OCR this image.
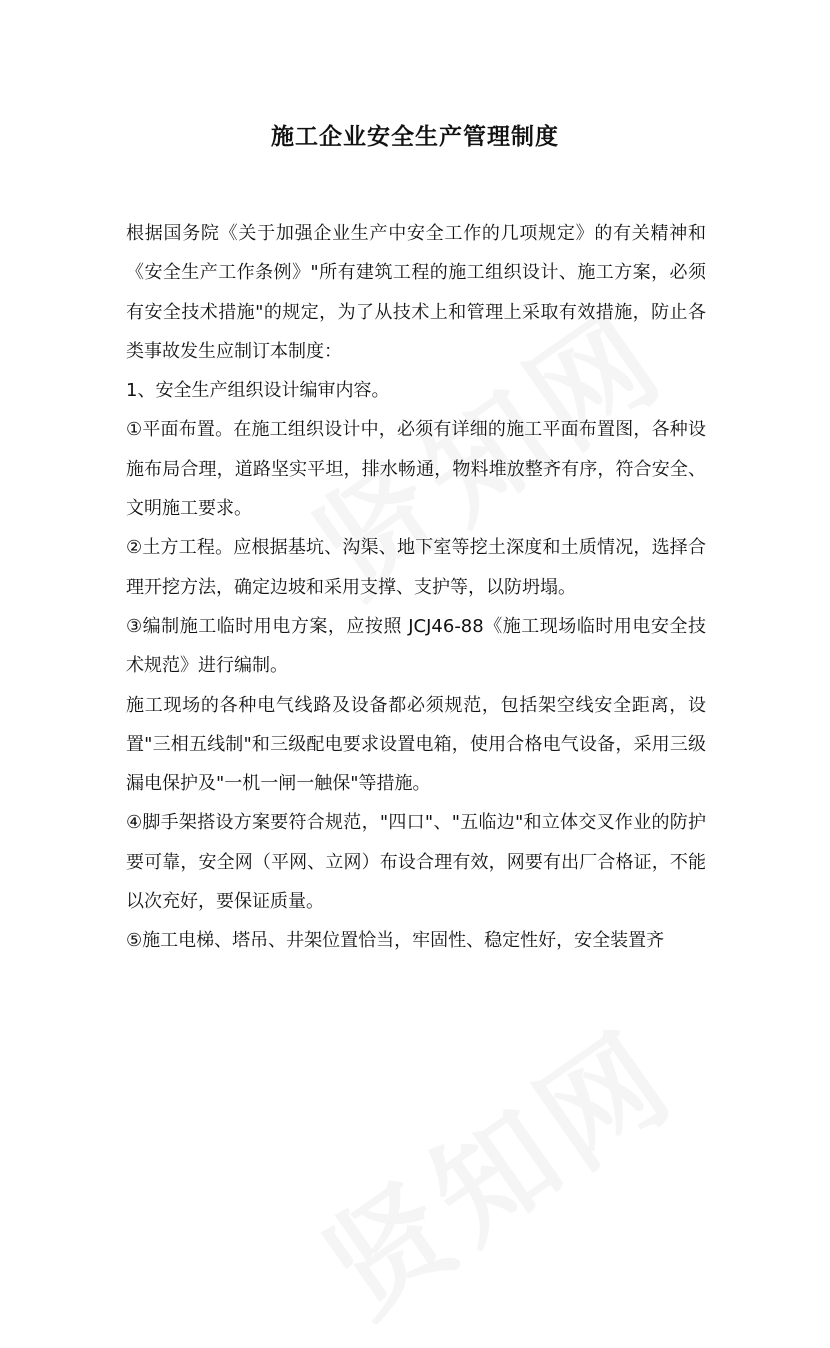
施工企业安全生产管理制度

根据国务院《关于加强企业生产中安全工作的几项规定》的有关精神和《安全生产工作条例》"所有建筑工程的施工组织设计、施工方案，必须有安全技术措施"的规定，为了从技术上和管理上采取有效措施，防止各类事故发生应制订本制度：

1、安全生产组织设计编审内容。

①平面布置。在施工组织设计中，必须有详细的施工平面布置图，各种设施布局合理，道路坚实平坦，排水畅通，物料堆放整齐有序，符合安全、文明施工要求。

②土方工程。应根据基坑、沟渠、地下室等挖土深度和土质情况，选择合理开挖方法，确定边坡和采用支撑、支护等，以防坍塌。

③编制施工临时用电方案，应按照 JCJ46-88《施工现场临时用电安全技术规范》进行编制。

施工现场的各种电气线路及设备都必须规范，包括架空线安全距离，设置"三相五线制"和三级配电要求设置电箱，使用合格电气设备，采用三级漏电保护及"一机一闸一触保"等措施。

④脚手架搭设方案要符合规范，"四口"、"五临边"和立体交叉作业的防护要可靠，安全网（平网、立网）布设合理有效，网要有出厂合格证，不能以次充好，要保证质量。

⑤施工电梯、塔吊、井架位置恰当，牢固性、稳定性好，安全装置齐
